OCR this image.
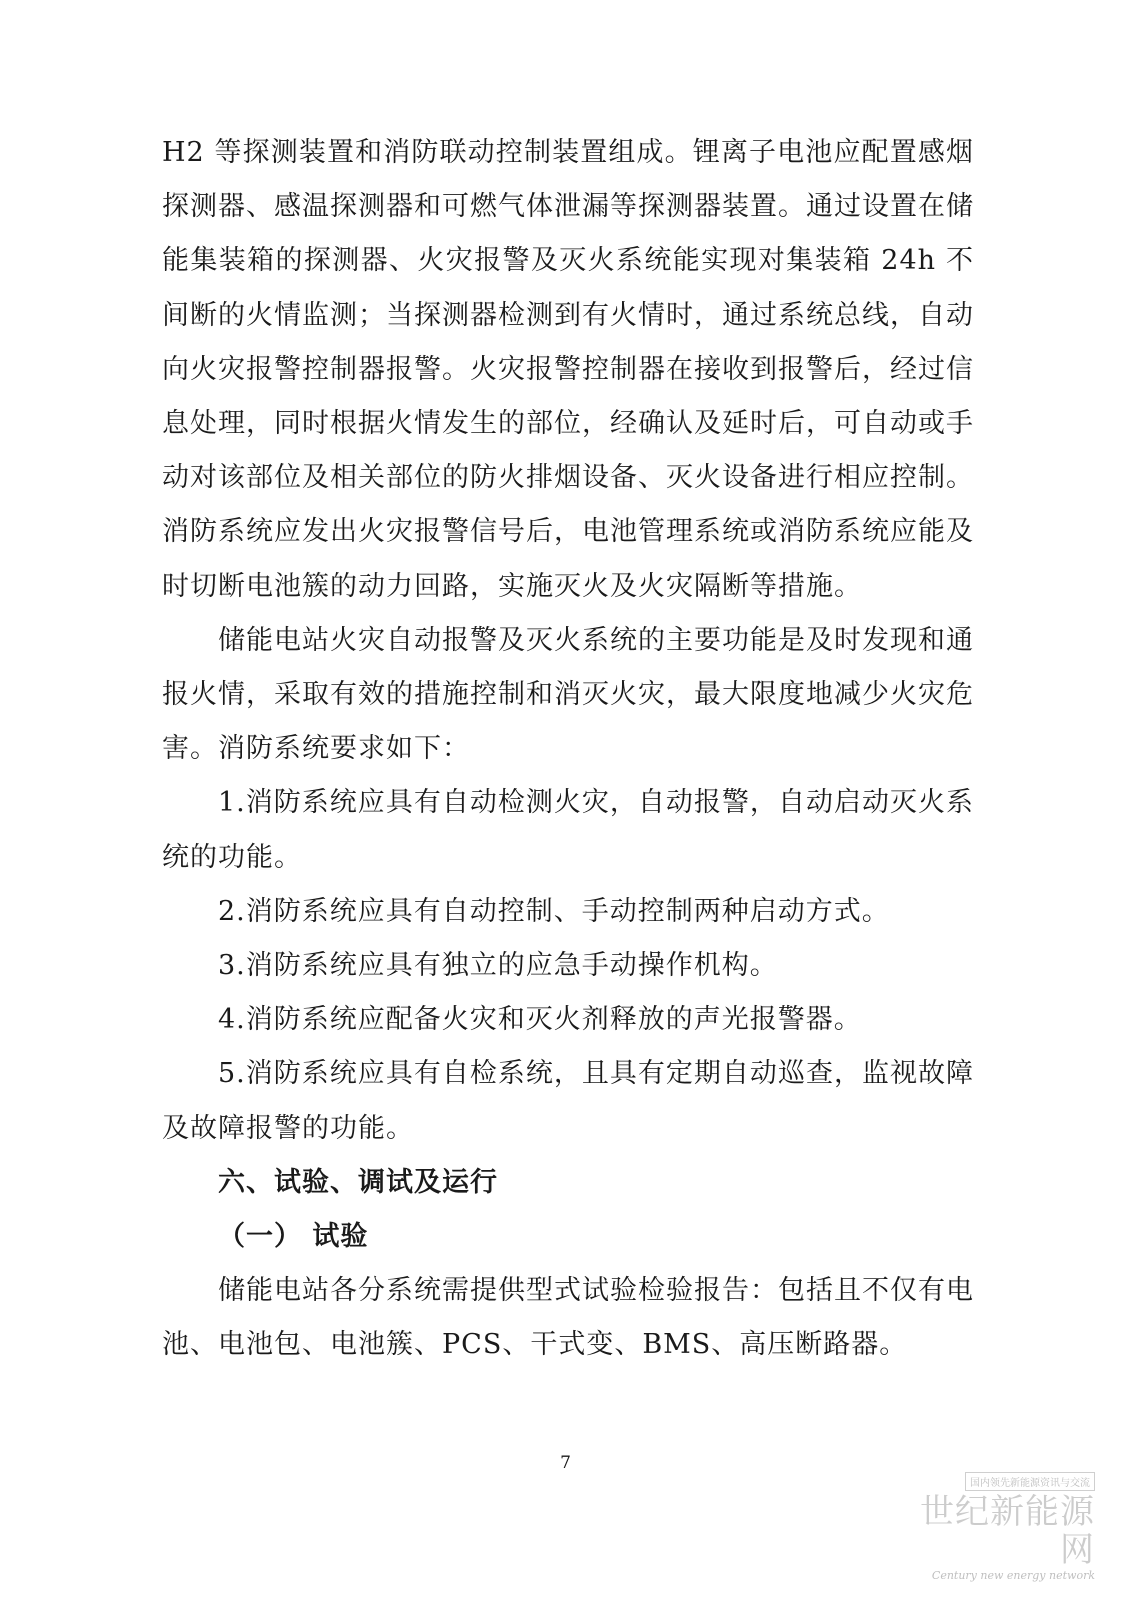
H2 等探测装置和消防联动控制装置组成。锂离子电池应配置感烟探测器、感温探测器和可燃气体泄漏等探测器装置。通过设置在储能集装箱的探测器、火灾报警及灭火系统能实现对集装箱 24h 不间断的火情监测；当探测器检测到有火情时，通过系统总线，自动向火灾报警控制器报警。火灾报警控制器在接收到报警后，经过信息处理，同时根据火情发生的部位，经确认及延时后，可自动或手动对该部位及相关部位的防火排烟设备、灭火设备进行相应控制。消防系统应发出火灾报警信号后，电池管理系统或消防系统应能及时切断电池簇的动力回路，实施灭火及火灾隔断等措施。

储能电站火灾自动报警及灭火系统的主要功能是及时发现和通报火情，采取有效的措施控制和消灭火灾，最大限度地减少火灾危害。消防系统要求如下：

1.消防系统应具有自动检测火灾，自动报警，自动启动灭火系统的功能。

2.消防系统应具有自动控制、手动控制两种启动方式。

3.消防系统应具有独立的应急手动操作机构。

4.消防系统应配备火灾和灭火剂释放的声光报警器。

5.消防系统应具有自检系统，且具有定期自动巡查，监视故障及故障报警的功能。

六、试验、调试及运行

（一） 试验

储能电站各分系统需提供型式试验检验报告：包括且不仅有电池、电池包、电池簇、PCS、干式变、BMS、高压断路器。

7
国内领先新能源资讯与交流
世纪新能源网
Century new energy network
